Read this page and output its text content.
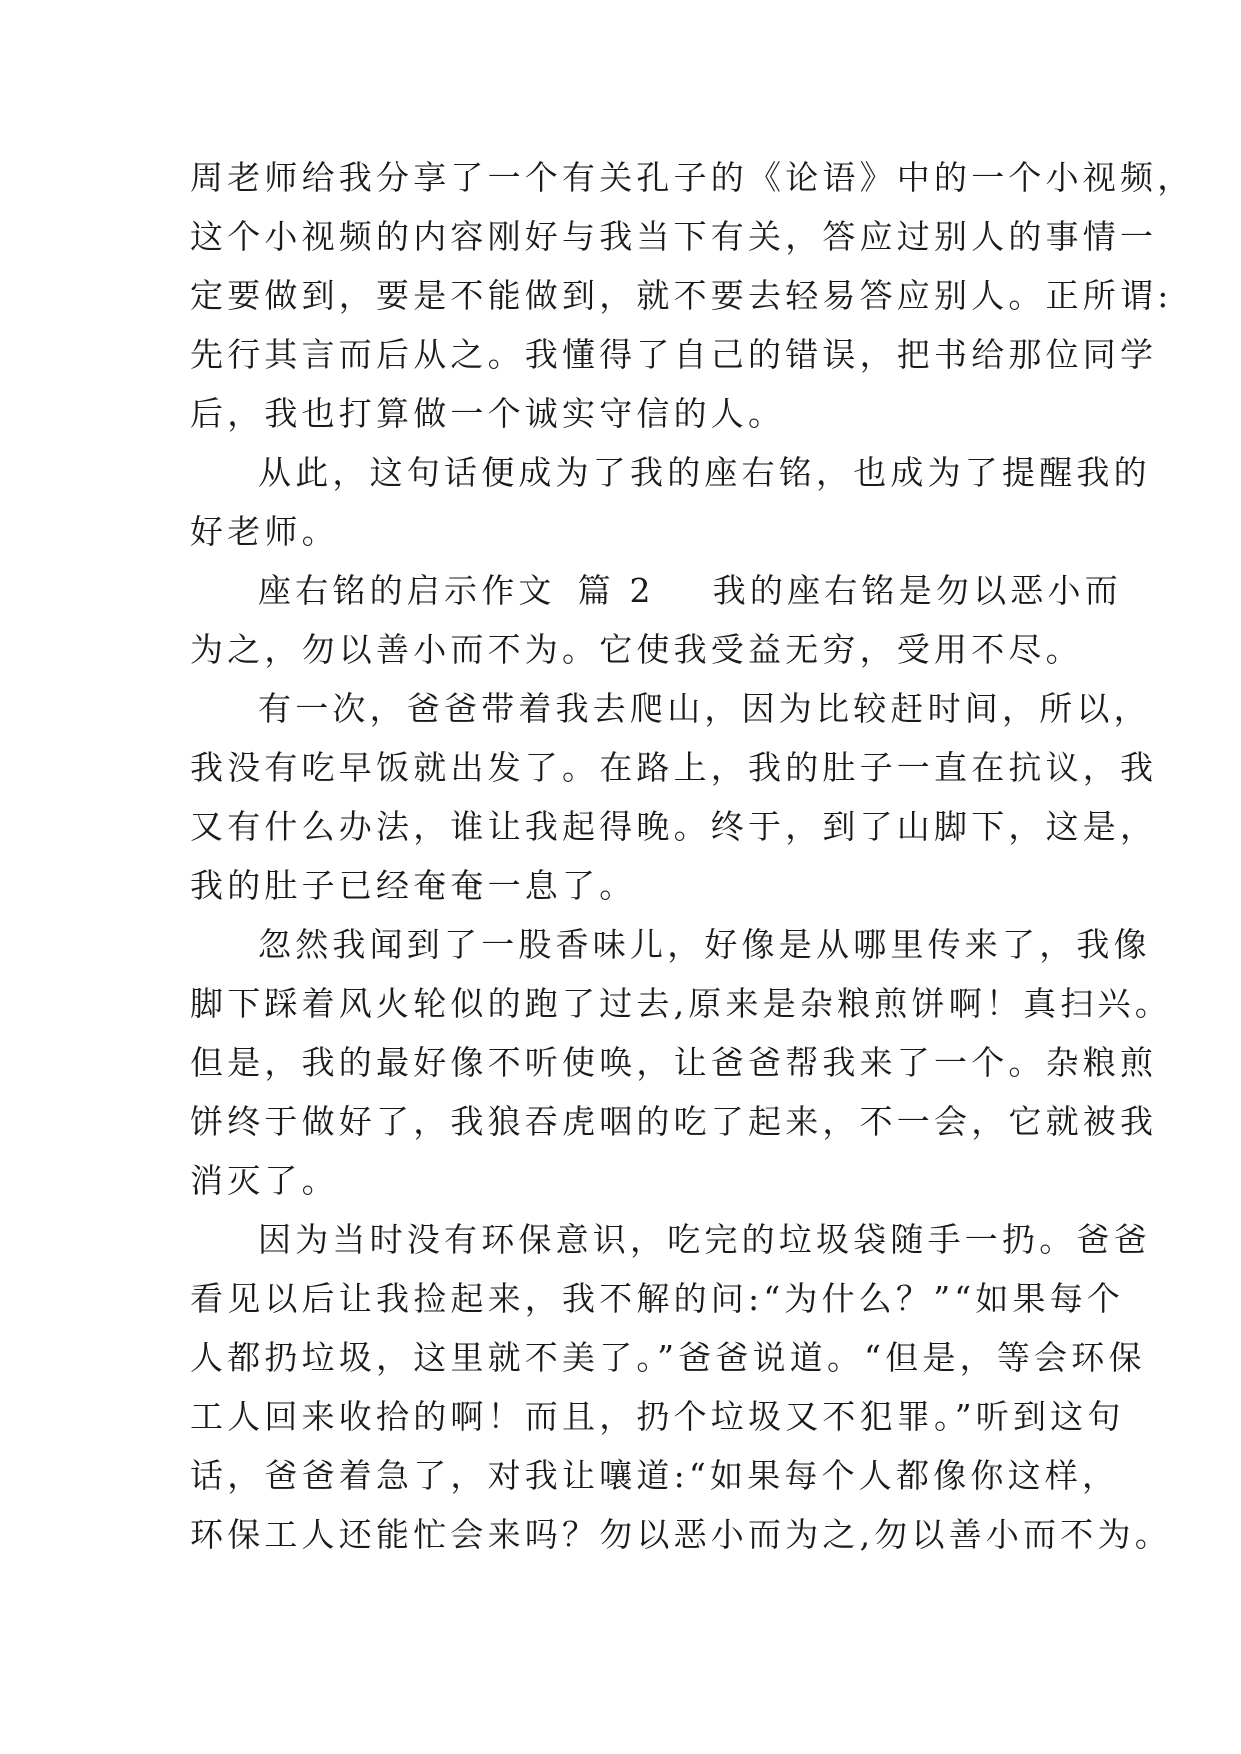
周老师给我分享了一个有关孔子的《论语》中的一个小视频，
这个小视频的内容刚好与我当下有关，答应过别人的事情一
定要做到，要是不能做到，就不要去轻易答应别人。正所谓:
先行其言而后从之。我懂得了自己的错误，把书给那位同学
后，我也打算做一个诚实守信的人。
从此，这句话便成为了我的座右铭，也成为了提醒我的
好老师。
座右铭的启示作文 篇 2 我的座右铭是勿以恶小而
为之，勿以善小而不为。它使我受益无穷，受用不尽。
有一次，爸爸带着我去爬山，因为比较赶时间，所以，
我没有吃早饭就出发了。在路上，我的肚子一直在抗议，我
又有什么办法，谁让我起得晚。终于，到了山脚下，这是，
我的肚子已经奄奄一息了。
忽然我闻到了一股香味儿，好像是从哪里传来了，我像
脚下踩着风火轮似的跑了过去,原来是杂粮煎饼啊！真扫兴。
但是，我的最好像不听使唤，让爸爸帮我来了一个。杂粮煎
饼终于做好了，我狼吞虎咽的吃了起来，不一会，它就被我
消灭了。
因为当时没有环保意识，吃完的垃圾袋随手一扔。爸爸
看见以后让我捡起来，我不解的问:“为什么？”“如果每个
人都扔垃圾，这里就不美了。”爸爸说道。“但是，等会环保
工人回来收拾的啊！而且，扔个垃圾又不犯罪。”听到这句
话，爸爸着急了，对我让嚷道:“如果每个人都像你这样，
环保工人还能忙会来吗？勿以恶小而为之,勿以善小而不为。
